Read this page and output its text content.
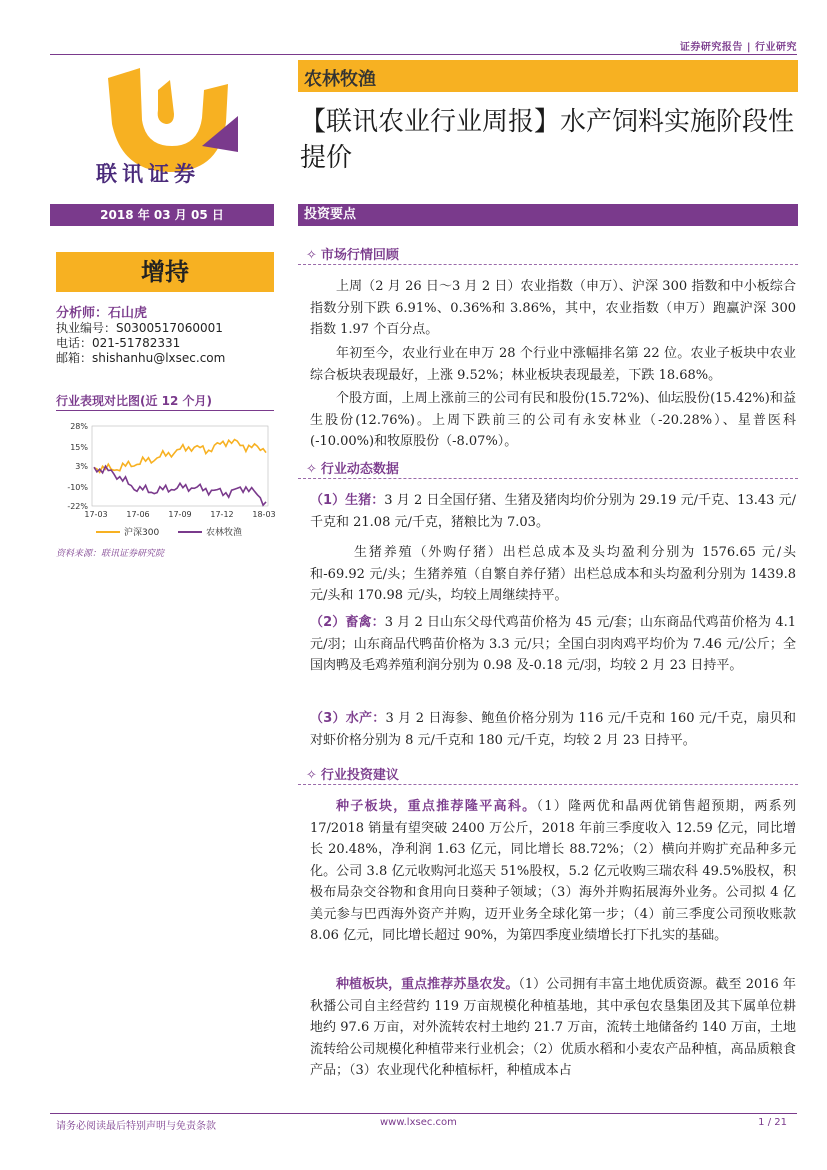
证券研究报告 | 行业研究
联讯证券
农林牧渔
【联讯农业行业周报】水产饲料实施阶段性提价
2018 年 03 月 05 日	投资要点
增持
分析师：石山虎
执业编号：S0300517060001
电话：021-51782331
邮箱：shishanhu@lxsec.com
行业表现对比图(近 12 个月)
28%
15%
3%
-10%
-22%
17-03 17-06 17-09 17-12 18-03
沪深300	农林牧渔
资料来源：联讯证券研究院
✧ 市场行情回顾
上周（2 月 26 日～3 月 2 日）农业指数（申万）、沪深 300 指数和中小板综合指数分别下跌 6.91%、0.36%和 3.86%，其中，农业指数（申万）跑赢沪深 300 指数 1.97 个百分点。
年初至今，农业行业在申万 28 个行业中涨幅排名第 22 位。农业子板块中农业综合板块表现最好，上涨 9.52%；林业板块表现最差，下跌 18.68%。
个股方面，上周上涨前三的公司有民和股份(15.72%)、仙坛股份(15.42%)和益生股份(12.76%)。上周下跌前三的公司有永安林业（-20.28%）、星普医科(-10.00%)和牧原股份（-8.07%）。
✧ 行业动态数据
（1）生猪：3 月 2 日全国仔猪、生猪及猪肉均价分别为 29.19 元/千克、13.43 元/千克和 21.08 元/千克，猪粮比为 7.03。
生猪养殖（外购仔猪）出栏总成本及头均盈利分别为 1576.65 元/头和-69.92 元/头；生猪养殖（自繁自养仔猪）出栏总成本和头均盈利分别为 1439.8 元/头和 170.98 元/头，均较上周继续持平。
（2）畜禽：3 月 2 日山东父母代鸡苗价格为 45 元/套；山东商品代鸡苗价格为 4.1 元/羽；山东商品代鸭苗价格为 3.3 元/只；全国白羽肉鸡平均价为 7.46 元/公斤；全国肉鸭及毛鸡养殖利润分别为 0.98 及-0.18 元/羽，均较 2 月 23 日持平。
（3）水产：3 月 2 日海参、鲍鱼价格分别为 116 元/千克和 160 元/千克，扇贝和对虾价格分别为 8 元/千克和 180 元/千克，均较 2 月 23 日持平。
✧ 行业投资建议
种子板块，重点推荐隆平高科。（1）隆两优和晶两优销售超预期，两系列 17/2018 销量有望突破 2400 万公斤，2018 年前三季度收入 12.59 亿元，同比增长 20.48%，净利润 1.63 亿元，同比增长 88.72%；（2）横向并购扩充品种多元化。公司 3.8 亿元收购河北巡天 51%股权，5.2 亿元收购三瑞农科 49.5%股权，积极布局杂交谷物和食用向日葵种子领域；（3）海外并购拓展海外业务。公司拟 4 亿美元参与巴西海外资产并购，迈开业务全球化第一步；（4）前三季度公司预收账款 8.06 亿元，同比增长超过 90%，为第四季度业绩增长打下扎实的基础。
种植板块，重点推荐苏垦农发。（1）公司拥有丰富土地优质资源。截至 2016 年秋播公司自主经营约 119 万亩规模化种植基地，其中承包农垦集团及其下属单位耕地约 97.6 万亩，对外流转农村土地约 21.7 万亩，流转土地储备约 140 万亩，土地流转给公司规模化种植带来行业机会；（2）优质水稻和小麦农产品种植，高品质粮食产品；（3）农业现代化种植标杆，种植成本占
请务必阅读最后特别声明与免责条款	www.lxsec.com	1 / 21
